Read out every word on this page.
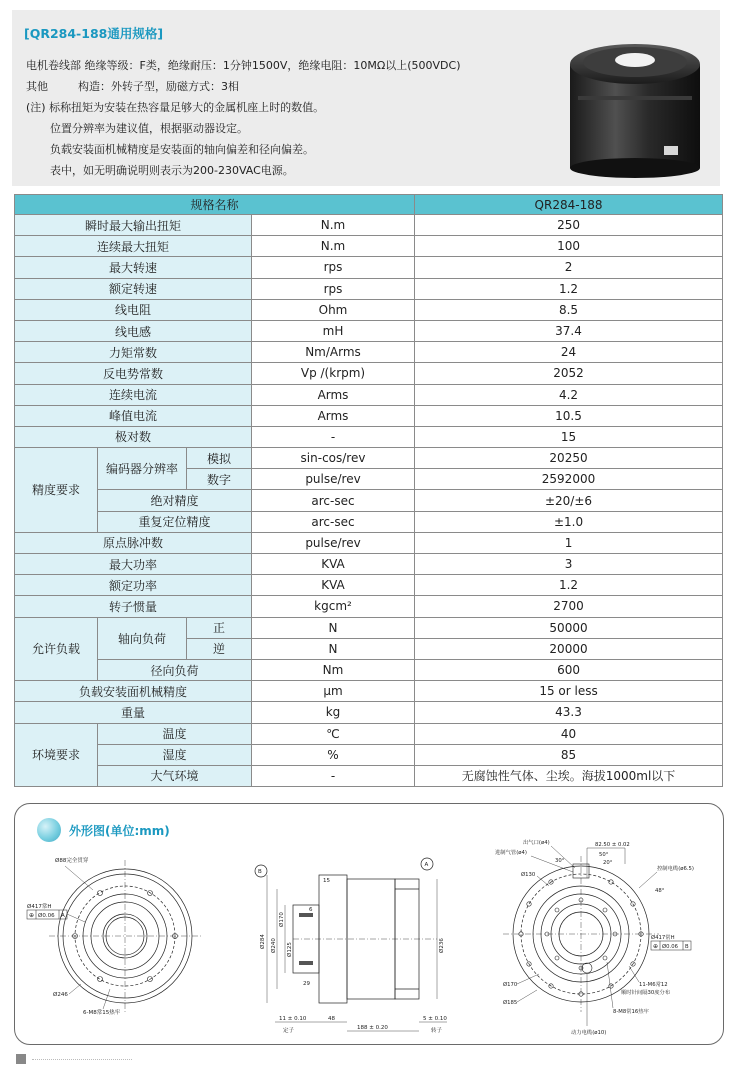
[QR284-188通用规格]
电机卷线部 绝缘等级：F类，绝缘耐压：1分钟1500V，绝缘电阻：10MΩ以上(500VDC)
其他	构造：外转子型，励磁方式：3相
(注) 标称扭矩为安装在热容量足够大的金属机座上时的数值。
位置分辨率为建议值，根据驱动器设定。
负载安装面机械精度是安装面的轴向偏差和径向偏差。
表中，如无明确说明则表示为200-230VAC电源。
规格名称				QR284-188
瞬时最大输出扭矩			N.m	250
连续最大扭矩			N.m	100
最大转速			rps	2
额定转速			rps	1.2
线电阻			Ohm	8.5
线电感			mH	37.4
力矩常数			Nm/Arms	24
反电势常数			Vp /(krpm)	2052
连续电流			Arms	4.2
峰值电流			Arms	10.5
极对数			-	15
精度要求	编码器分辨率	模拟	sin-cos/rev	20250
		数字	pulse/rev	2592000
	绝对精度		arc-sec	±20/±6
	重复定位精度		arc-sec	±1.0
原点脉冲数			pulse/rev	1
最大功率			KVA	3
额定功率			KVA	1.2
转子惯量			kgcm²	2700
允许负载	轴向负荷	正	N	50000
		逆	N	20000
	径向负荷		Nm	600
负载安装面机械精度			μm	15 or less
重量			kg	43.3
环境要求	温度		℃	40
	湿度		%	85
	大气环境		-	无腐蚀性气体、尘埃。海拔1000ml以下
外形图(单位:mm)
Ø88完全贯穿
Ø417常H
⊕ Ø0.06 A
Ø246
6-M8常15热牢
B
A
Ø284 Ø240
Ø170
Ø125	Ø236
15
6
29
11 ± 0.10	48
188 ± 0.20
5 ± 0.10
定子	转子
82.50 ± 0.02
出气口(ø4)
进制气管(ø4)	50°
30°	20°
Ø130
控制电缆(ø6.5)
48°
Ø417常H
⊕ Ø0.06 B
Ø170
Ø185
11-M6常12
顺时针间隔30度分布
8-M8常16热牢
动力电缆(ø10)
